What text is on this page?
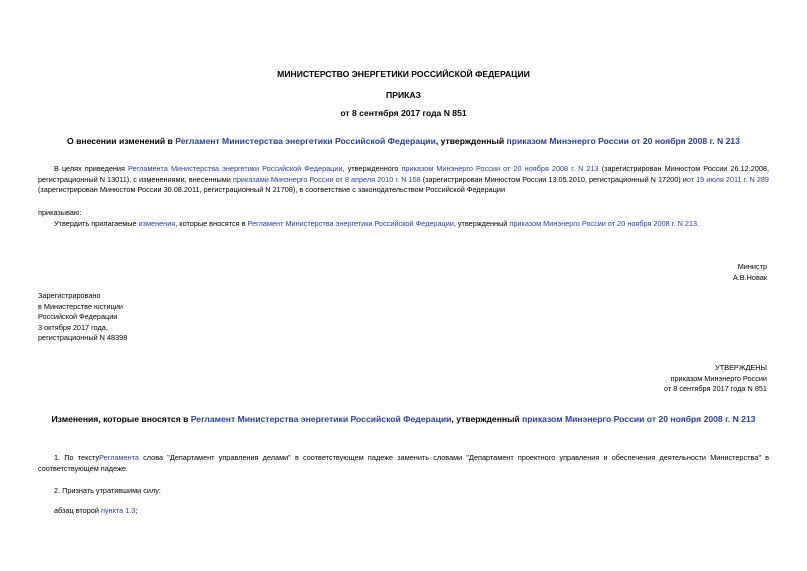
МИНИСТЕРСТВО ЭНЕРГЕТИКИ РОССИЙСКОЙ ФЕДЕРАЦИИ
ПРИКАЗ
от 8 сентября 2017 года N 851
О внесении изменений в Регламент Министерства энергетики Российской Федерации, утвержденный приказом Минэнерго России от 20 ноября 2008 г. N 213
В целях приведения Регламента Министерства энергетики Российской Федерации, утвержденного приказом Минэнерго России от 20 ноября 2008 г. N 213 (зарегистрирован Минюстом России 26.12.2008, регистрационный N 13011), с изменениями, внесенными приказами Минэнерго России от 8 апреля 2010 г. N 158 (зарегистрирован Минюстом России 13.05.2010, регистрационный N 17200) иот 19 июля 2011 г. N 289 (зарегистрирован Минюстом России 30.08.2011, регистрационный N 21708), в соответствие с законодательством Российской Федерации
приказываю:
Утвердить прилагаемые изменения, которые вносятся в Регламент Министерства энергетики Российской Федерации, утвержденный приказом Минэнерго России от 20 ноября 2008 г. N 213.
Министр
А.В.Новак
Зарегистрировано
в Министерстве юстиции
Российской Федерации
3 октября 2017 года,
регистрационный N 48398
УТВЕРЖДЕНЫ
приказом Минэнерго России
от 8 сентября 2017 года N 851
Изменения, которые вносятся в Регламент Министерства энергетики Российской Федерации, утвержденный приказом Минэнерго России от 20 ноября 2008 г. N 213
1. По текстуРегламента слова "Департамент управления делами" в соответствующем падеже заменить словами "Департамент проектного управления и обеспечения деятельности Министерства" в соответствующем падеже.
2. Признать утратившими силу:
абзац второй пункта 1.3;
